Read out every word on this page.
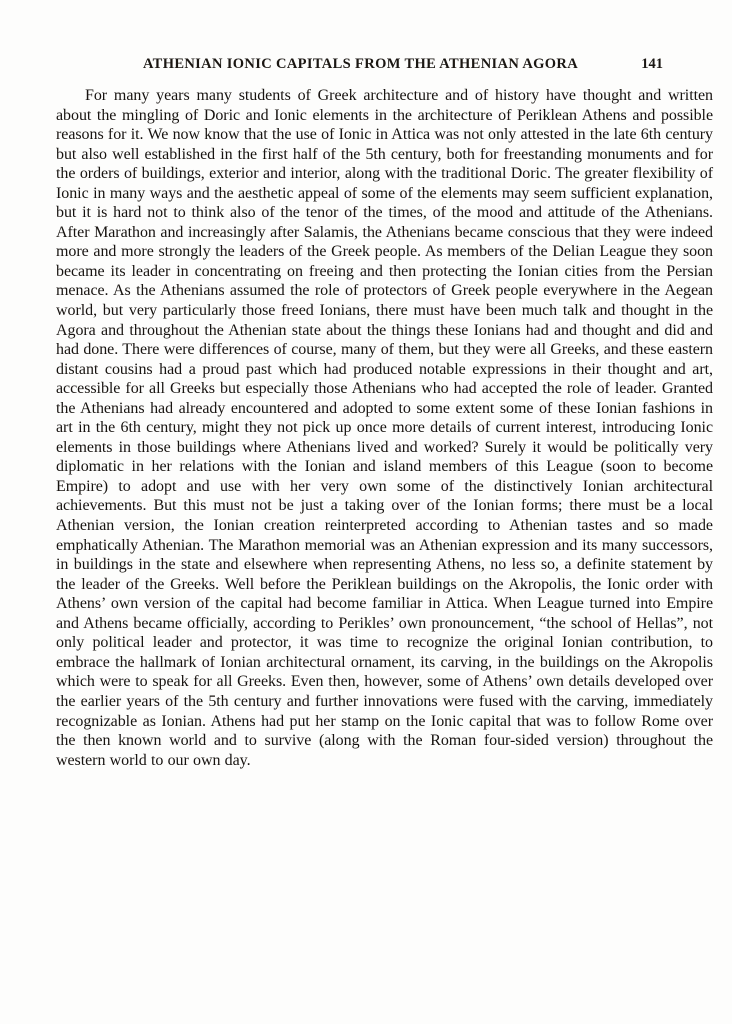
ATHENIAN IONIC CAPITALS FROM THE ATHENIAN AGORA	141

For many years many students of Greek architecture and of history have thought and written about the mingling of Doric and Ionic elements in the architecture of Periklean Athens and possible reasons for it. We now know that the use of Ionic in Attica was not only attested in the late 6th century but also well established in the first half of the 5th century, both for freestanding monuments and for the orders of buildings, exterior and interior, along with the traditional Doric. The greater flexibility of Ionic in many ways and the aesthetic appeal of some of the elements may seem sufficient explanation, but it is hard not to think also of the tenor of the times, of the mood and attitude of the Athenians. After Marathon and increasingly after Salamis, the Athenians became conscious that they were indeed more and more strongly the leaders of the Greek people. As members of the Delian League they soon became its leader in concentrating on freeing and then protecting the Ionian cities from the Persian menace. As the Athenians assumed the role of protectors of Greek people everywhere in the Aegean world, but very particularly those freed Ionians, there must have been much talk and thought in the Agora and throughout the Athenian state about the things these Ionians had and thought and did and had done. There were differences of course, many of them, but they were all Greeks, and these eastern distant cousins had a proud past which had produced notable expressions in their thought and art, accessible for all Greeks but especially those Athenians who had accepted the role of leader. Granted the Athenians had already encountered and adopted to some extent some of these Ionian fashions in art in the 6th century, might they not pick up once more details of current interest, introducing Ionic elements in those buildings where Athenians lived and worked? Surely it would be politically very diplomatic in her relations with the Ionian and island members of this League (soon to become Empire) to adopt and use with her very own some of the distinctively Ionian architectural achievements. But this must not be just a taking over of the Ionian forms; there must be a local Athenian version, the Ionian creation reinterpreted according to Athenian tastes and so made emphatically Athenian. The Marathon memorial was an Athenian expression and its many successors, in buildings in the state and elsewhere when representing Athens, no less so, a definite statement by the leader of the Greeks. Well before the Periklean buildings on the Akropolis, the Ionic order with Athens’ own version of the capital had become familiar in Attica. When League turned into Empire and Athens became officially, according to Perikles’ own pronouncement, “the school of Hellas”, not only political leader and protector, it was time to recognize the original Ionian contribution, to embrace the hallmark of Ionian architectural ornament, its carving, in the buildings on the Akropolis which were to speak for all Greeks. Even then, however, some of Athens’ own details developed over the earlier years of the 5th century and further innovations were fused with the carving, immediately recognizable as Ionian. Athens had put her stamp on the Ionic capital that was to follow Rome over the then known world and to survive (along with the Roman four-sided version) throughout the western world to our own day.
